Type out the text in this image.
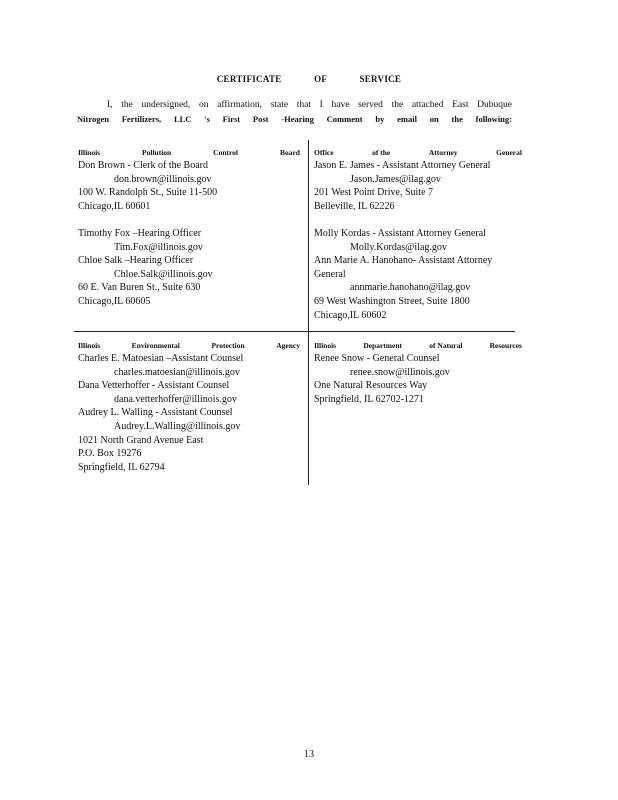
CERTIFICATE OF SERVICE

I, the undersigned, on affirmation, state that I have served the attached East Dubuque

Nitrogen Fertilizers, LLC 's First Post -Hearing Comment by email on the following:

Illinois	Pollution	Control	Board
Don Brown - Clerk of the Board
don.brown@illinois.gov
100 W. Randolph St., Suite 11-500
Chicago,IL 60601
Timothy Fox –Hearing Officer
Tim.Fox@illinois.gov
Chloe Salk –Hearing Officer
Chloe.Salk@illinois.gov
60 E. Van Buren St., Suite 630
Chicago,IL 60605
Office	of the	Attorney	General
Jason E. James - Assistant Attorney General
Jason.James@ilag.gov
201 West Point Drive, Suite 7
Belleville, IL 62226
Molly Kordas - Assistant Attorney General
Molly.Kordas@ilag.gov
Ann Marie A. Hanohano- Assistant Attorney
General
annmarie.hanohano@ilag.gov
69 West Washington Street, Suite 1800
Chicago,IL 60602
Illinois	Environmental	Protection	Agency
Charles E. Matoesian –Assistant Counsel
charles.matoesian@illinois.gov
Dana Vetterhoffer - Assistant Counsel
dana.vetterhoffer@illinois.gov
Audrey L. Walling - Assistant Counsel
Audrey.L.Walling@illinois.gov
1021 North Grand Avenue East
P.O. Box 19276
Springfield, IL 62794
Illinois	Department	of Natural	Resources
Renee Snow - General Counsel
renee.snow@illinois.gov
One Natural Resources Way
Springfield, IL 62702-1271
13
